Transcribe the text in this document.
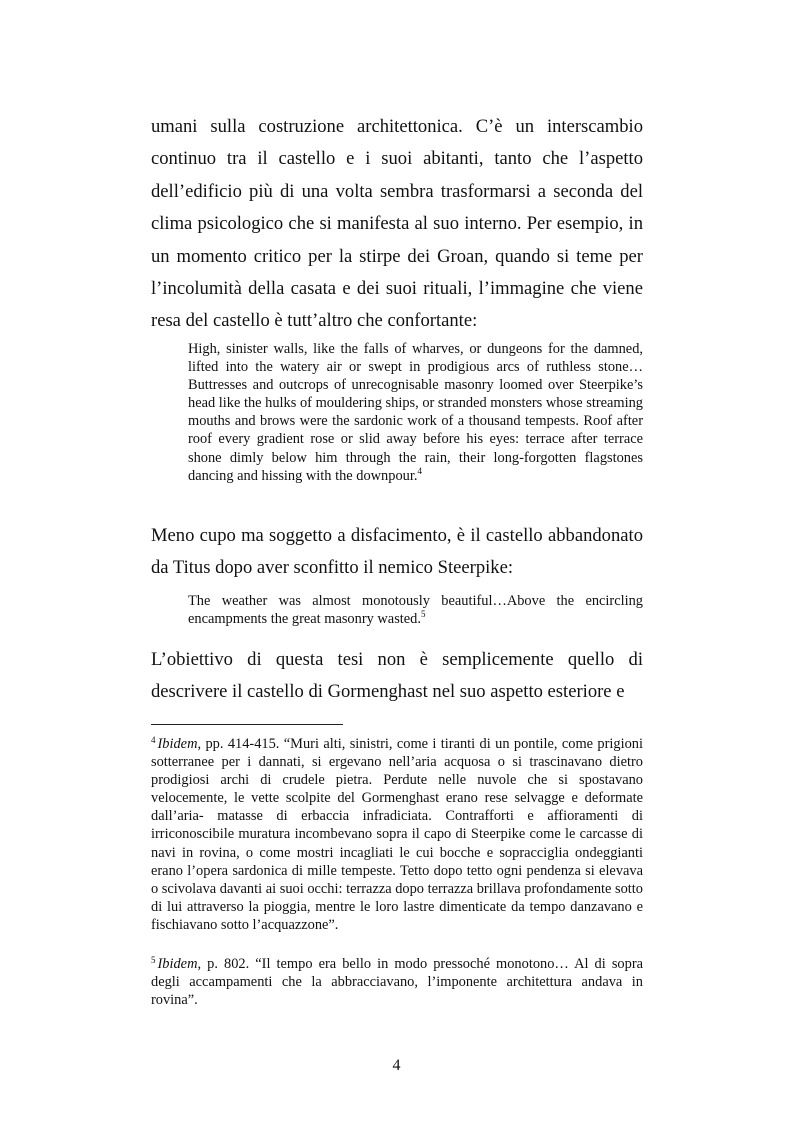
umani sulla costruzione architettonica. C’è un interscambio continuo tra il castello e i suoi abitanti, tanto che l’aspetto dell’edificio più di una volta sembra trasformarsi a seconda del clima psicologico che si manifesta al suo interno. Per esempio, in un momento critico per la stirpe dei Groan, quando si teme per l’incolumità della casata e dei suoi rituali, l’immagine che viene resa del castello è tutt’altro che confortante:

High, sinister walls, like the falls of wharves, or dungeons for the damned, lifted into the watery air or swept in prodigious arcs of ruthless stone…Buttresses and outcrops of unrecognisable masonry loomed over Steerpike’s head like the hulks of mouldering ships, or stranded monsters whose streaming mouths and brows were the sardonic work of a thousand tempests. Roof after roof every gradient rose or slid away before his eyes: terrace after terrace shone dimly below him through the rain, their long-forgotten flagstones dancing and hissing with the downpour.$^4$

Meno cupo ma soggetto a disfacimento, è il castello abbandonato da Titus dopo aver sconfitto il nemico Steerpike:

The weather was almost monotously beautiful…Above the encircling encampments the great masonry wasted.$^5$

L’obiettivo di questa tesi non è semplicemente quello di descrivere il castello di Gormenghast nel suo aspetto esteriore e

$^4$ Ibidem, pp. 414-415. “Muri alti, sinistri, come i tiranti di un pontile, come prigioni sotterranee per i dannati, si ergevano nell’aria acquosa o si trascinavano dietro prodigiosi archi di crudele pietra. Perdute nelle nuvole che si spostavano velocemente, le vette scolpite del Gormenghast erano rese selvagge e deformate dall’aria- matasse di erbaccia infradiciata. Contrafforti e affioramenti di irriconoscibile muratura incombevano sopra il capo di Steerpike come le carcasse di navi in rovina, o come mostri incagliati le cui bocche e sopracciglia ondeggianti erano l’opera sardonica di mille tempeste. Tetto dopo tetto ogni pendenza si elevava o scivolava davanti ai suoi occhi: terrazza dopo terrazza brillava profondamente sotto di lui attraverso la pioggia, mentre le loro lastre dimenticate da tempo danzavano e fischiavano sotto l’acquazzone”.

$^5$ Ibidem, p. 802. “Il tempo era bello in modo pressoché monotono… Al di sopra degli accampamenti che la abbracciavano, l’imponente architettura andava in rovina”.

4
